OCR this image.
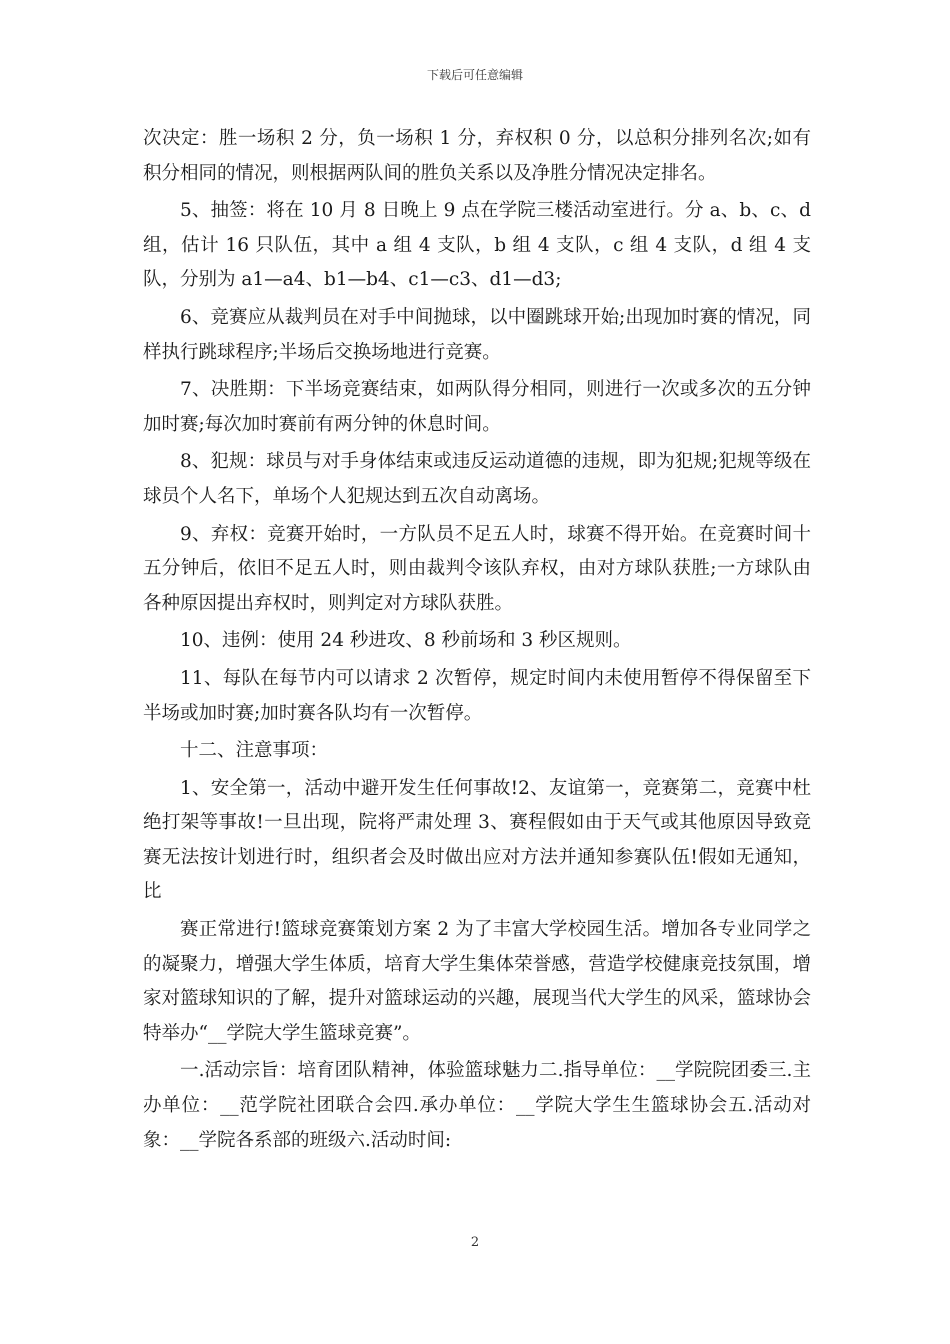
下载后可任意编辑

次决定：胜一场积 2 分，负一场积 1 分，弃权积 0 分，以总积分排列名次;如有积分相同的情况，则根据两队间的胜负关系以及净胜分情况决定排名。

5、抽签：将在 10 月 8 日晚上 9 点在学院三楼活动室进行。分 a、b、c、d 组，估计 16 只队伍，其中 a 组 4 支队，b 组 4 支队，c 组 4 支队，d 组 4 支队，分别为 a1—a4、b1—b4、c1—c3、d1—d3;

6、竞赛应从裁判员在对手中间抛球，以中圈跳球开始;出现加时赛的情况，同样执行跳球程序;半场后交换场地进行竞赛。

7、决胜期：下半场竞赛结束，如两队得分相同，则进行一次或多次的五分钟加时赛;每次加时赛前有两分钟的休息时间。

8、犯规：球员与对手身体结束或违反运动道德的违规，即为犯规;犯规等级在球员个人名下，单场个人犯规达到五次自动离场。

9、弃权：竞赛开始时，一方队员不足五人时，球赛不得开始。在竞赛时间十五分钟后，依旧不足五人时，则由裁判令该队弃权，由对方球队获胜;一方球队由各种原因提出弃权时，则判定对方球队获胜。

10、违例：使用 24 秒进攻、8 秒前场和 3 秒区规则。

11、每队在每节内可以请求 2 次暂停，规定时间内未使用暂停不得保留至下半场或加时赛;加时赛各队均有一次暂停。

十二、注意事项：

1、安全第一，活动中避开发生任何事故!2、友谊第一，竞赛第二，竞赛中杜绝打架等事故!一旦出现，院将严肃处理 3、赛程假如由于天气或其他原因导致竞赛无法按计划进行时，组织者会及时做出应对方法并通知参赛队伍!假如无通知，比

赛正常进行!篮球竞赛策划方案 2 为了丰富大学校园生活。增加各专业同学之的凝聚力，增强大学生体质，培育大学生集体荣誉感，营造学校健康竞技氛围，增家对篮球知识的了解，提升对篮球运动的兴趣，展现当代大学生的风采，篮球协会特举办“__学院大学生篮球竞赛”。

一.活动宗旨：培育团队精神，体验篮球魅力二.指导单位：__学院院团委三.主办单位：__范学院社团联合会四.承办单位：__学院大学生生篮球协会五.活动对象：__学院各系部的班级六.活动时间:

2
